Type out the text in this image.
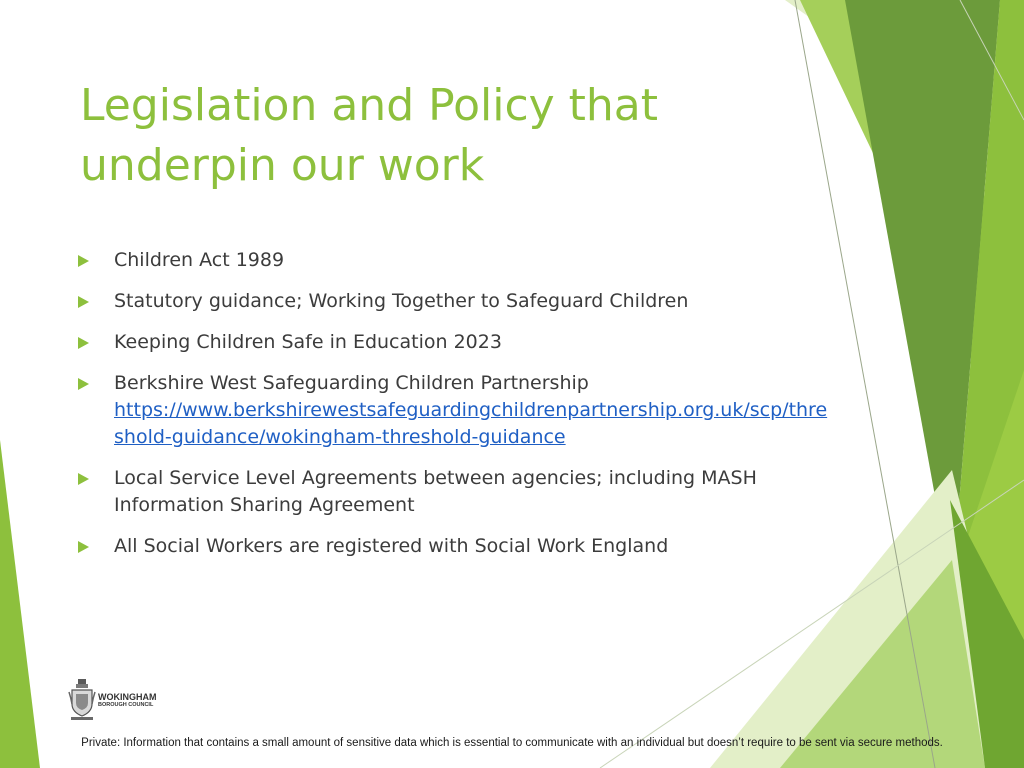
Legislation and Policy that
underpin our work
Children Act 1989
Statutory guidance; Working Together to Safeguard Children
Keeping Children Safe in Education 2023
Berkshire West Safeguarding Children Partnership
https://www.berkshirewestsafeguardingchildrenpartnership.org.uk/scp/threshold-guidance/wokingham-threshold-guidance
Local Service Level Agreements between agencies; including MASH Information Sharing Agreement
All Social Workers are registered with Social Work England
WOKINGHAM
BOROUGH COUNCIL
Private: Information that contains a small amount of sensitive data which is essential to communicate with an individual but doesn’t require to be sent via secure methods.
